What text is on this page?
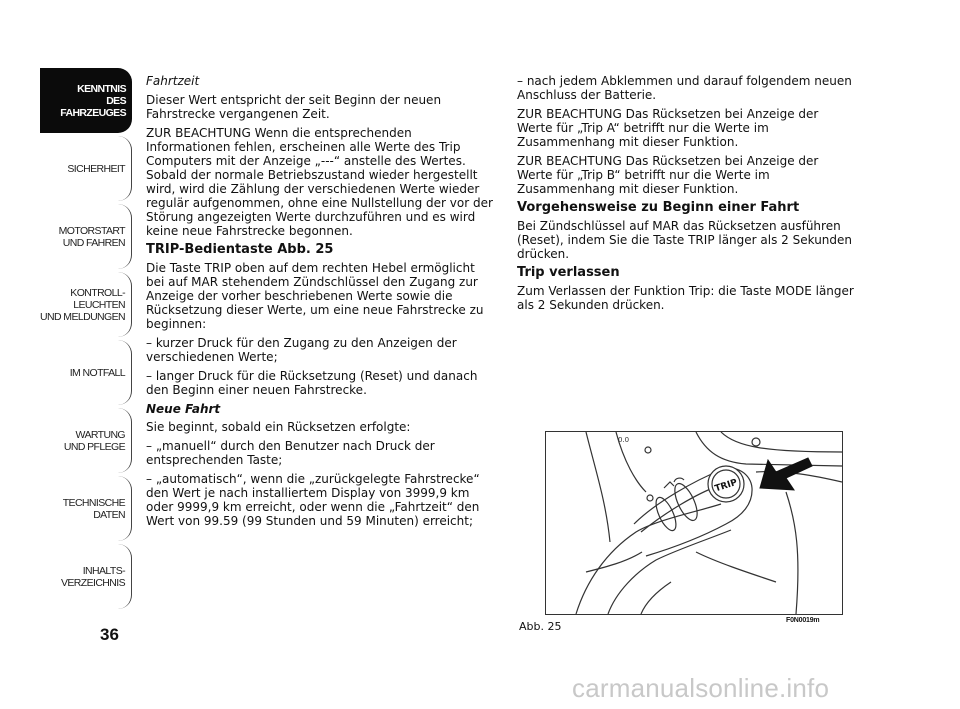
KENNTNIS
DES FAHRZEUGES
SICHERHEIT
MOTORSTART
UND FAHREN
KONTROLL-
LEUCHTEN
UND MELDUNGEN
IM NOTFALL
WARTUNG
UND PFLEGE
TECHNISCHE
DATEN
INHALTS-
VERZEICHNIS
36

Fahrtzeit

Dieser Wert entspricht der seit Beginn der neuen Fahrstrecke vergangenen Zeit.

ZUR BEACHTUNG Wenn die entsprechenden Informationen fehlen, erscheinen alle Werte des Trip Computers mit der Anzeige „---“ anstelle des Wertes. Sobald der normale Betriebszustand wieder hergestellt wird, wird die Zählung der verschiedenen Werte wieder regulär aufgenommen, ohne eine Nullstellung der vor der Störung angezeigten Werte durchzuführen und es wird keine neue Fahrstrecke begonnen.

TRIP-Bedientaste Abb. 25

Die Taste TRIP oben auf dem rechten Hebel ermöglicht bei auf MAR stehendem Zündschlüssel den Zugang zur Anzeige der vorher beschriebenen Werte sowie die Rücksetzung dieser Werte, um eine neue Fahrstrecke zu beginnen:

– kurzer Druck für den Zugang zu den Anzeigen der verschiedenen Werte;

– langer Druck für die Rücksetzung (Reset) und danach den Beginn einer neuen Fahrstrecke.

Neue Fahrt

Sie beginnt, sobald ein Rücksetzen erfolgte:

– „manuell“ durch den Benutzer nach Druck der entsprechenden Taste;

– „automatisch“, wenn die „zurückgelegte Fahrstrecke“ den Wert je nach installiertem Display von 3999,9 km oder 9999,9 km erreicht, oder wenn die „Fahrtzeit“ den Wert von 99.59 (99 Stunden und 59 Minuten) erreicht;

– nach jedem Abklemmen und darauf folgendem neuen Anschluss der Batterie.

ZUR BEACHTUNG Das Rücksetzen bei Anzeige der Werte für „Trip A“ betrifft nur die Werte im Zusammenhang mit dieser Funktion.

ZUR BEACHTUNG Das Rücksetzen bei Anzeige der Werte für „Trip B“ betrifft nur die Werte im Zusammenhang mit dieser Funktion.

Vorgehensweise zu Beginn einer Fahrt

Bei Zündschlüssel auf MAR das Rücksetzen ausführen (Reset), indem Sie die Taste TRIP länger als 2 Sekunden drücken.

Trip verlassen

Zum Verlassen der Funktion Trip: die Taste MODE länger als 2 Sekunden drücken.

0.0
TRIP
Abb. 25	F0N0019m
carmanualsonline.info
